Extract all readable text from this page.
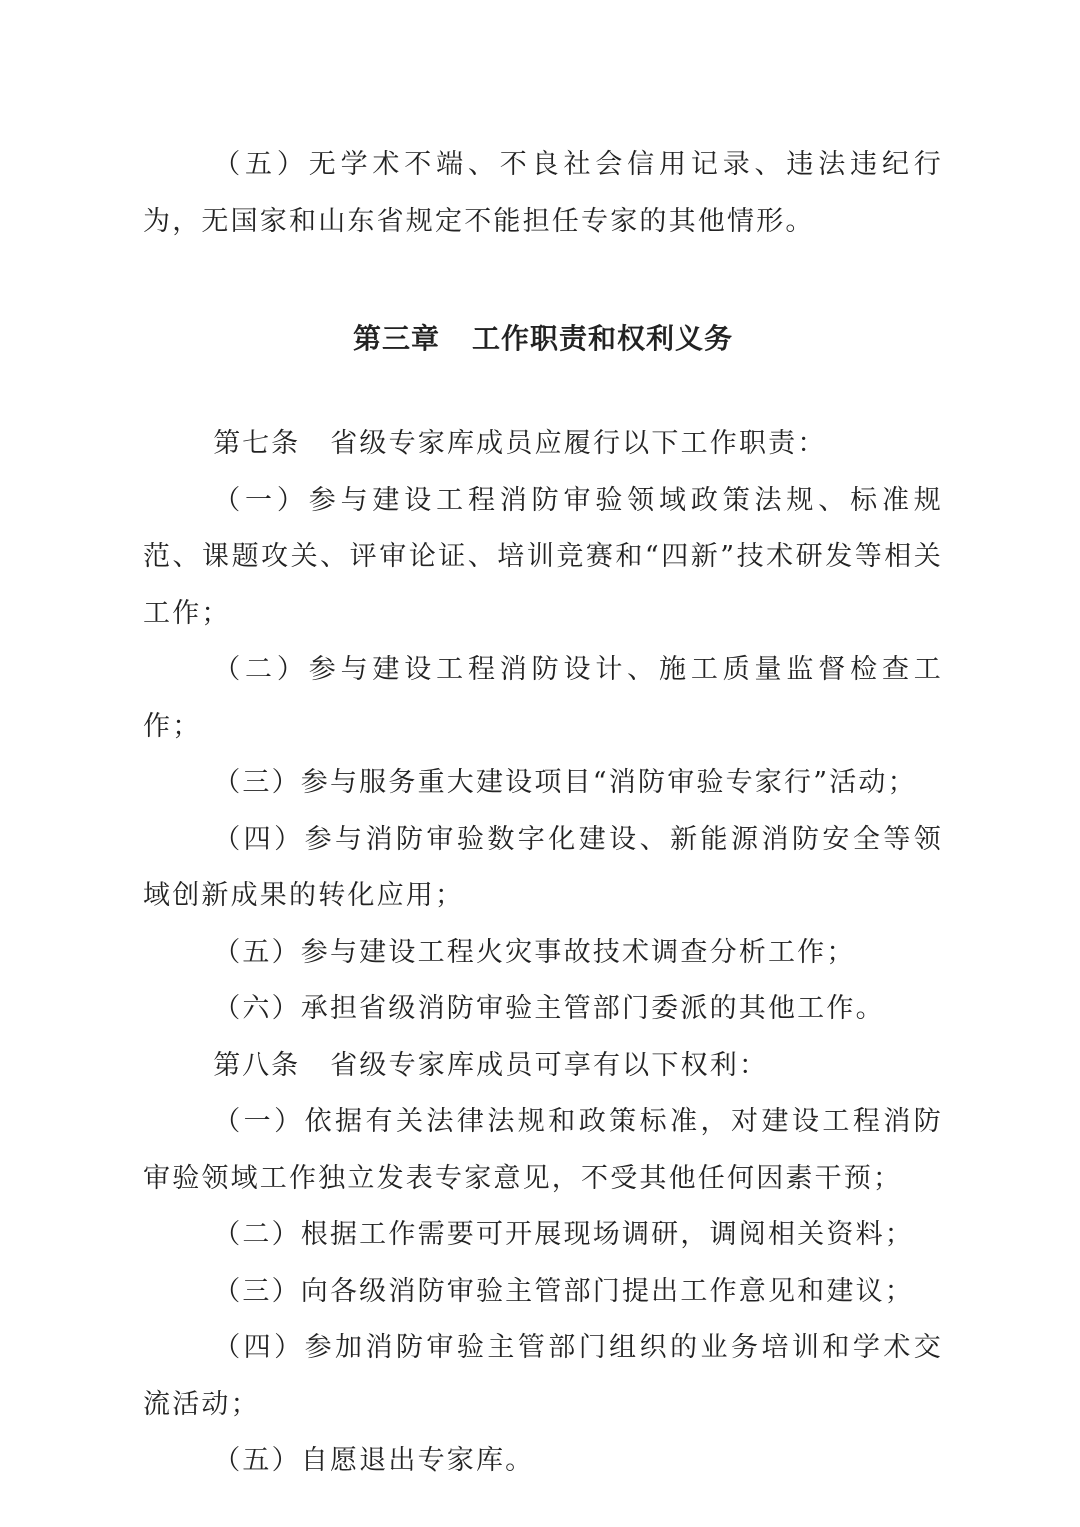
（五）无学术不端、不良社会信用记录、违法违纪行为，无国家和山东省规定不能担任专家的其他情形。

第三章 工作职责和权利义务

第七条 省级专家库成员应履行以下工作职责：

（一）参与建设工程消防审验领域政策法规、标准规范、课题攻关、评审论证、培训竞赛和“四新”技术研发等相关工作；

（二）参与建设工程消防设计、施工质量监督检查工作；

（三）参与服务重大建设项目“消防审验专家行”活动；

（四）参与消防审验数字化建设、新能源消防安全等领域创新成果的转化应用；

（五）参与建设工程火灾事故技术调查分析工作；

（六）承担省级消防审验主管部门委派的其他工作。

第八条 省级专家库成员可享有以下权利：

（一）依据有关法律法规和政策标准，对建设工程消防审验领域工作独立发表专家意见，不受其他任何因素干预；

（二）根据工作需要可开展现场调研，调阅相关资料；

（三）向各级消防审验主管部门提出工作意见和建议；

（四）参加消防审验主管部门组织的业务培训和学术交流活动；

（五）自愿退出专家库。
